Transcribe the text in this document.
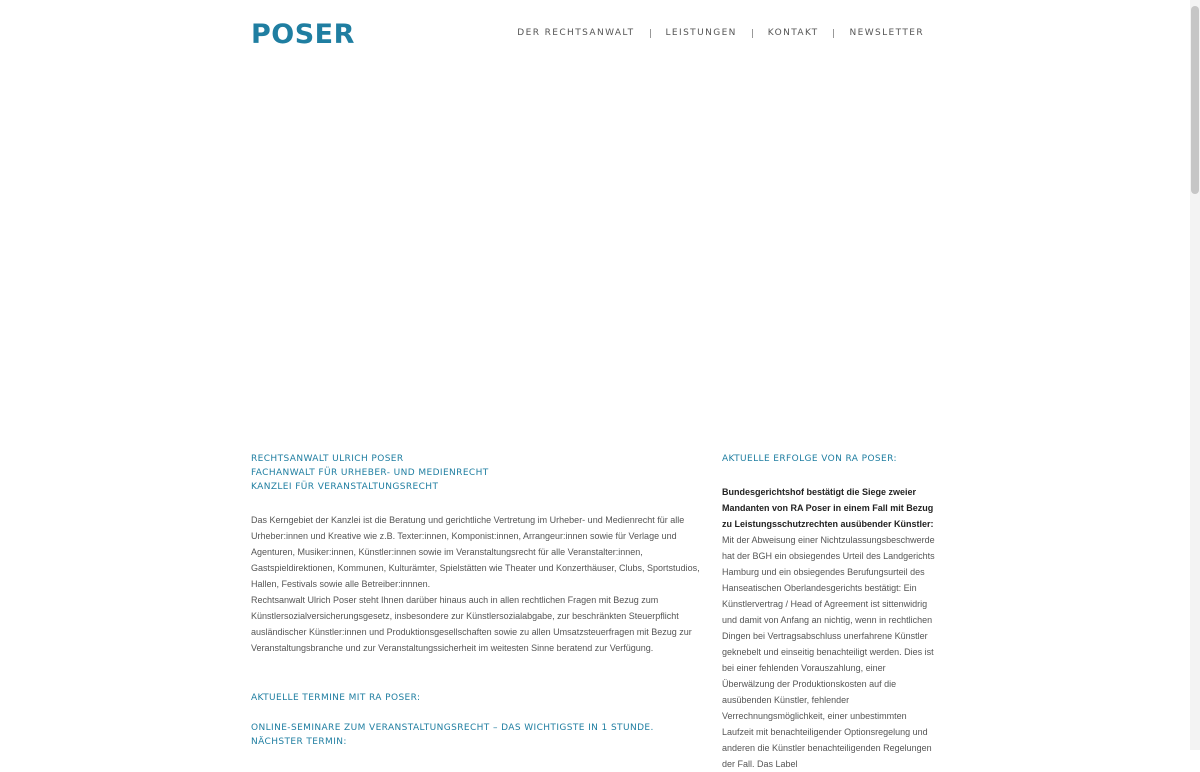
POSER	DER RECHTSANWALT	LEISTUNGEN	KONTAKT	NEWSLETTER

RECHTSANWALT ULRICH POSER

FACHANWALT FÜR URHEBER- UND MEDIENRECHT

KANZLEI FÜR VERANSTALTUNGSRECHT

Das Kerngebiet der Kanzlei ist die Beratung und gerichtliche Vertretung im Urheber- und Medienrecht für alle Urheber:innen und Kreative wie z.B. Texter:innen, Komponist:innen, Arrangeur:innen sowie für Verlage und Agenturen, Musiker:innen, Künstler:innen sowie im Veranstaltungsrecht für alle Veranstalter:innen, Gastspieldirektionen, Kommunen, Kulturämter, Spielstätten wie Theater und Konzerthäuser, Clubs, Sportstudios, Hallen, Festivals sowie alle Betreiber:innnen.

Rechtsanwalt Ulrich Poser steht Ihnen darüber hinaus auch in allen rechtlichen Fragen mit Bezug zum Künstlersozialversicherungsgesetz, insbesondere zur Künstlersozialabgabe, zur beschränkten Steuerpflicht ausländischer Künstler:innen und Produktionsgesellschaften sowie zu allen Umsatzsteuerfragen mit Bezug zur Veranstaltungsbranche und zur Veranstaltungssicherheit im weitesten Sinne beratend zur Verfügung.

AKTUELLE TERMINE MIT RA POSER:

ONLINE-SEMINARE ZUM VERANSTALTUNGSRECHT – DAS WICHTIGSTE IN 1 STUNDE. NÄCHSTER TERMIN:

AKTUELLE ERFOLGE VON RA POSER:

Bundesgerichtshof bestätigt die Siege zweier Mandanten von RA Poser in einem Fall mit Bezug zu Leistungsschutzrechten ausübender Künstler: Mit der Abweisung einer Nichtzulassungsbeschwerde hat der BGH ein obsiegendes Urteil des Landgerichts Hamburg und ein obsiegendes Berufungsurteil des Hanseatischen Oberlandesgerichts bestätigt: Ein Künstlervertrag / Head of Agreement ist sittenwidrig und damit von Anfang an nichtig, wenn in rechtlichen Dingen bei Vertragsabschluss unerfahrene Künstler geknebelt und einseitig benachteiligt werden. Dies ist bei einer fehlenden Vorauszahlung, einer Überwälzung der Produktionskosten auf die ausübenden Künstler, fehlender Verrechnungsmöglichkeit, einer unbestimmten Laufzeit mit benachteiligender Optionsregelung und anderen die Künstler benachteiligenden Regelungen der Fall. Das Label
